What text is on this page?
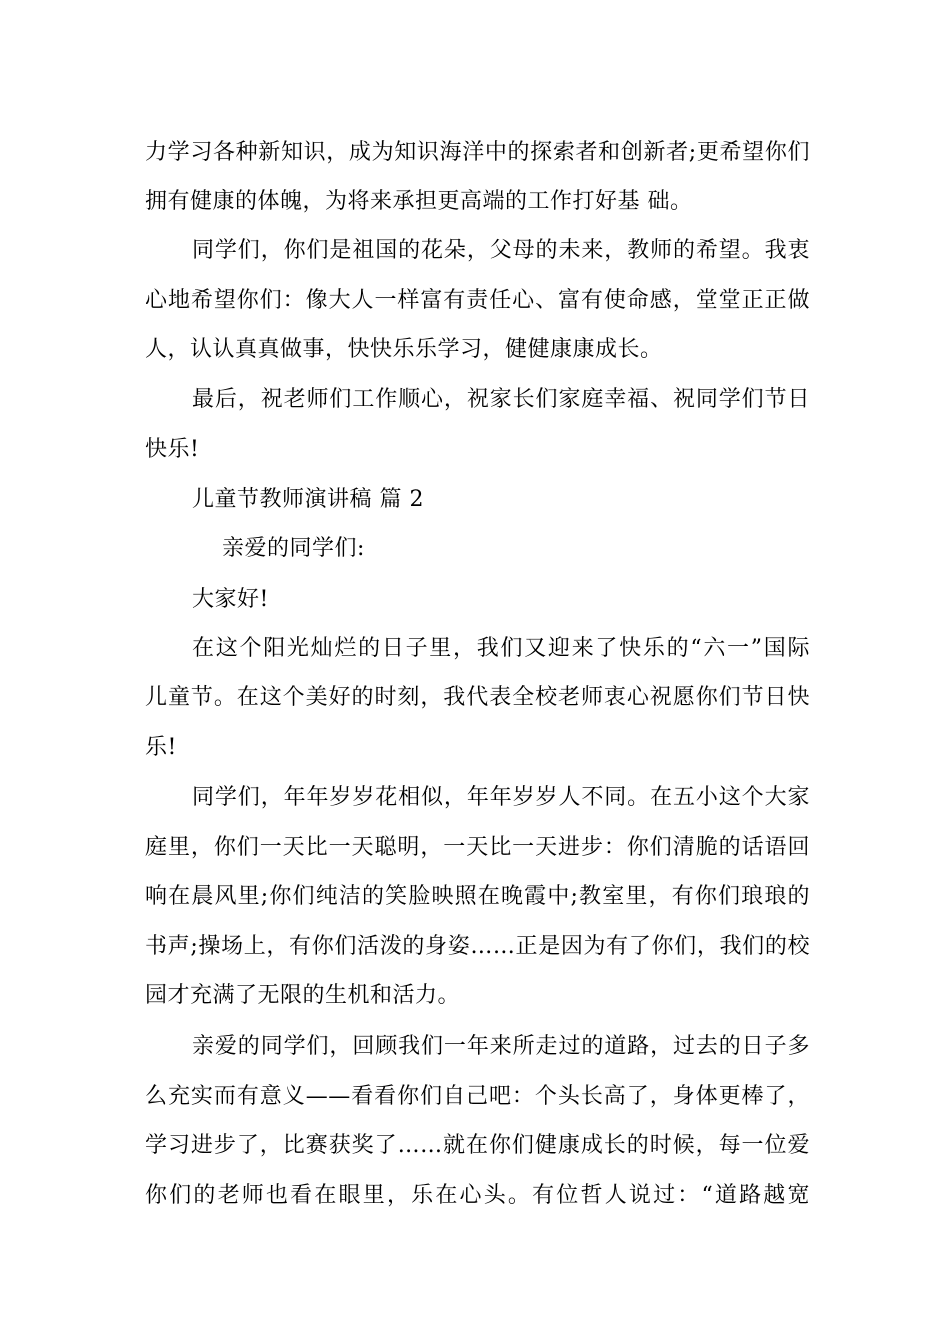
力学习各种新知识，成为知识海洋中的探索者和创新者;更希望你们
拥有健康的体魄，为将来承担更高端的工作打好基 础。
同学们，你们是祖国的花朵，父母的未来，教师的希望。我衷
心地希望你们：像大人一样富有责任心、富有使命感，堂堂正正做
人，认认真真做事，快快乐乐学习，健健康康成长。
最后，祝老师们工作顺心，祝家长们家庭幸福、祝同学们节日
快乐!
儿童节教师演讲稿 篇 2
亲爱的同学们:
大家好!
在这个阳光灿烂的日子里，我们又迎来了快乐的“六一”国际
儿童节。在这个美好的时刻，我代表全校老师衷心祝愿你们节日快
乐!
同学们，年年岁岁花相似，年年岁岁人不同。在五小这个大家
庭里，你们一天比一天聪明，一天比一天进步：你们清脆的话语回
响在晨风里;你们纯洁的笑脸映照在晚霞中;教室里，有你们琅琅的
书声;操场上，有你们活泼的身姿……正是因为有了你们，我们的校
园才充满了无限的生机和活力。
亲爱的同学们，回顾我们一年来所走过的道路，过去的日子多
么充实而有意义——看看你们自己吧：个头长高了，身体更棒了，
学习进步了，比赛获奖了……就在你们健康成长的时候，每一位爱
你们的老师也看在眼里，乐在心头。有位哲人说过：“道路越宽
